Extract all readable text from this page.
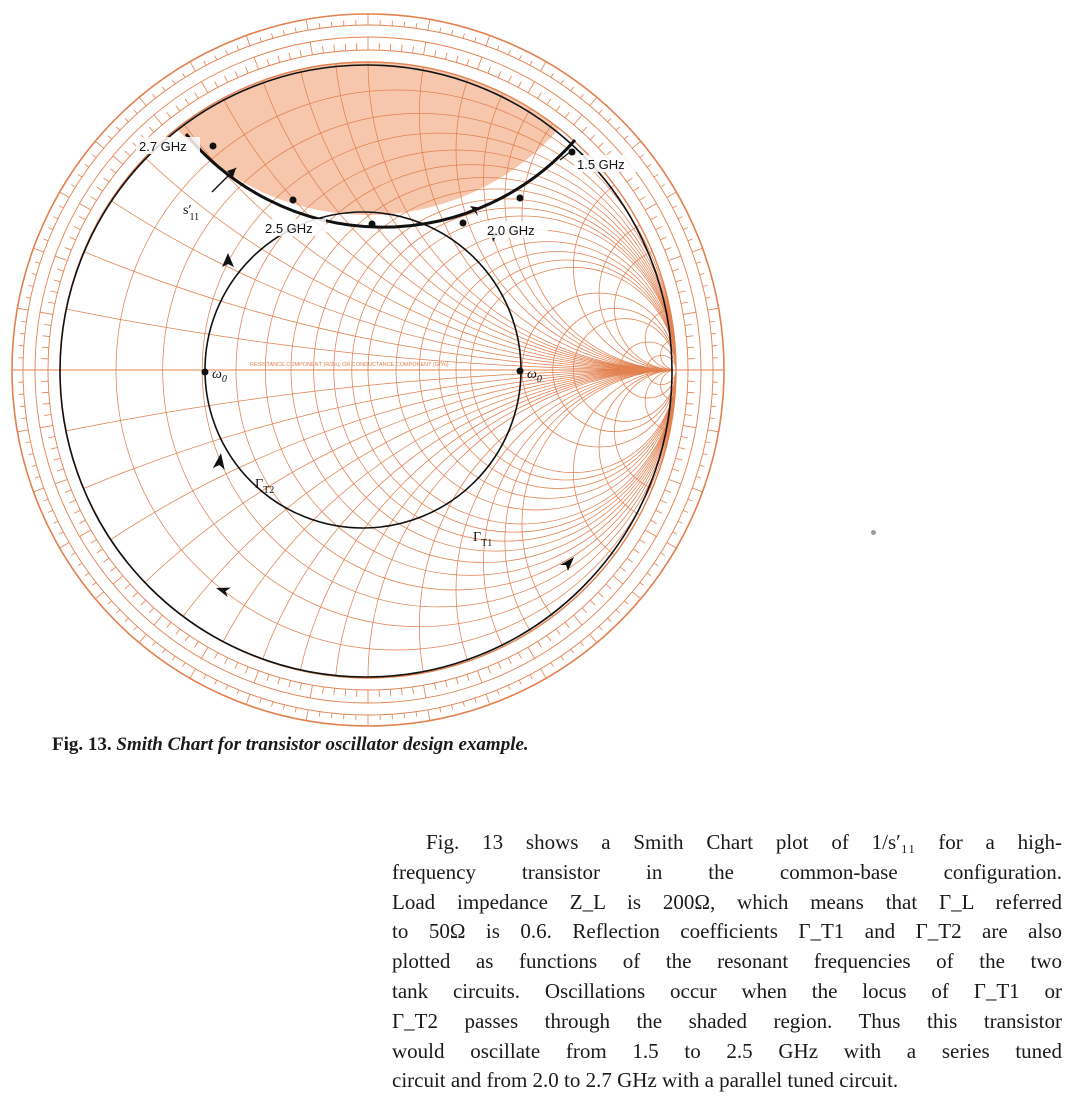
RESISTANCE COMPONENT (R/Zo), OR CONDUCTANCE COMPONENT (G/Yo)
2.7 GHz
2.5 GHz	2.0 GHz
1.5 GHz
s′11
$\omega_0$	$\omega_0$
$\Gamma_{T2}$
$\Gamma_{T1}$
Fig. 13. Smith Chart for transistor oscillator design example.
Fig. 13 shows a Smith Chart plot of 1/s′₁₁ for a high-
frequency transistor in the common-base configuration.
Load impedance Z_L is 200Ω, which means that Γ_L referred
to 50Ω is 0.6. Reflection coefficients Γ_T1 and Γ_T2 are also
plotted as functions of the resonant frequencies of the two
tank circuits. Oscillations occur when the locus of Γ_T1 or
Γ_T2 passes through the shaded region. Thus this transistor
would oscillate from 1.5 to 2.5 GHz with a series tuned
circuit and from 2.0 to 2.7 GHz with a parallel tuned circuit.
